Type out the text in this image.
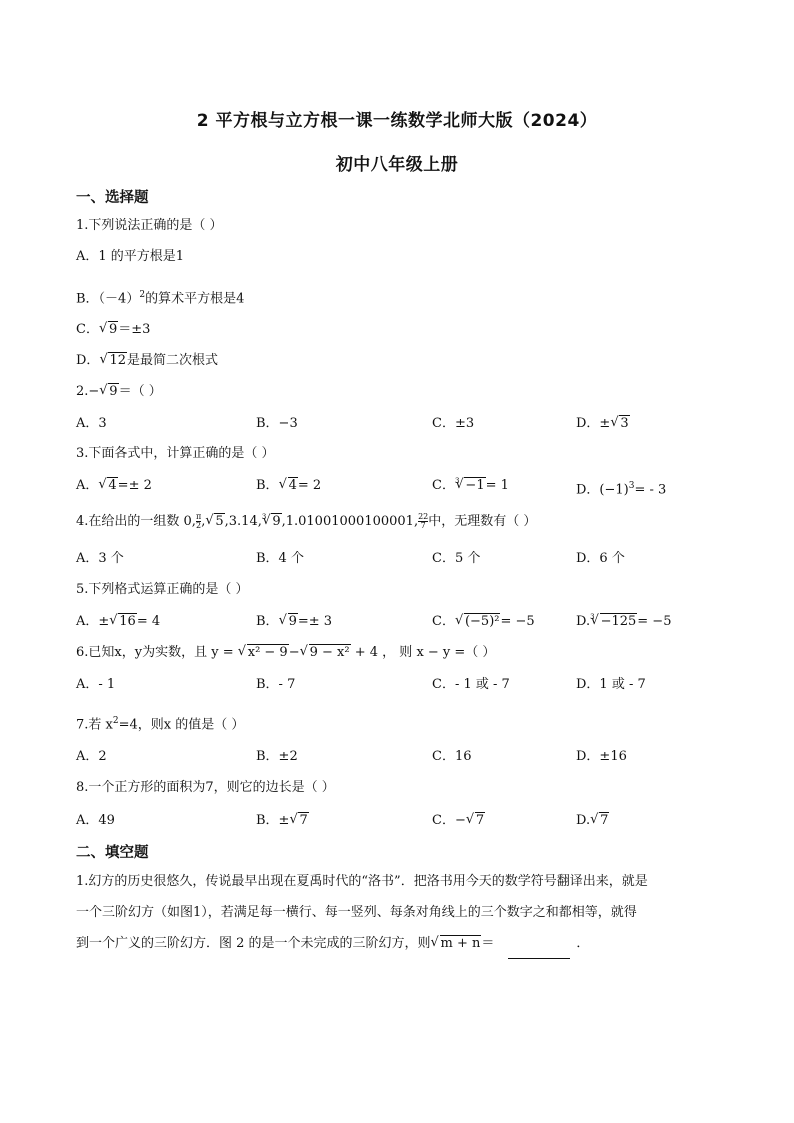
2 平方根与立方根一课一练数学北师大版（2024）
初中八年级上册
一、选择题
1.下列说法正确的是（ ）
A．1 的平方根是1
B．$(-4)^2$的算术平方根是4
C． √ 9＝±3
D． √ 12是最简二次根式
2.− √ 9＝（ ）
A．3	B．−3	C．±3	D．± √ 3
3.下面各式中，计算正确的是（ ）
A． √ 4=± 2	B． √ 4= 2	C．$^3$ √ −1= 1	D．$(-1)^3= - 3$
4.在给出的一组数 0, $\frac{\pi}{2}$ , √ 5,3.14,$^3$ √ 9,1.01001000100001, $\frac{22}{7}$ 中，无理数有（ ）
A．3 个	B．4 个	C．5 个	D．6 个
5.下列格式运算正确的是（ ）
A．± √ 16= 4	B． √ 9=± 3	C． √ (−5)²= −5	D.$^3$ √ −125= −5
6.已知x，y为实数，且 y = √ x² − 9− √ 9 − x² + 4 ， 则 x − y =（ ）
A．- 1	B．- 7	C．- 1 或 - 7	D．1 或 - 7
7.若 $x^2=4$，则x 的值是（ ）
A．2	B．±2	C．16	D．±16
8.一个正方形的面积为7，则它的边长是（ ）
A．49	B．± √ 7	C．− √ 7	D. √ 7
二、填空题
1.幻方的历史很悠久，传说最早出现在夏禹时代的“洛书”．把洛书用今天的数学符号翻译出来，就是
一个三阶幻方（如图1），若满足每一横行、每一竖列、每条对角线上的三个数字之和都相等，就得
到一个广义的三阶幻方．图 2 的是一个未完成的三阶幻方，则 √ m + n＝	．
